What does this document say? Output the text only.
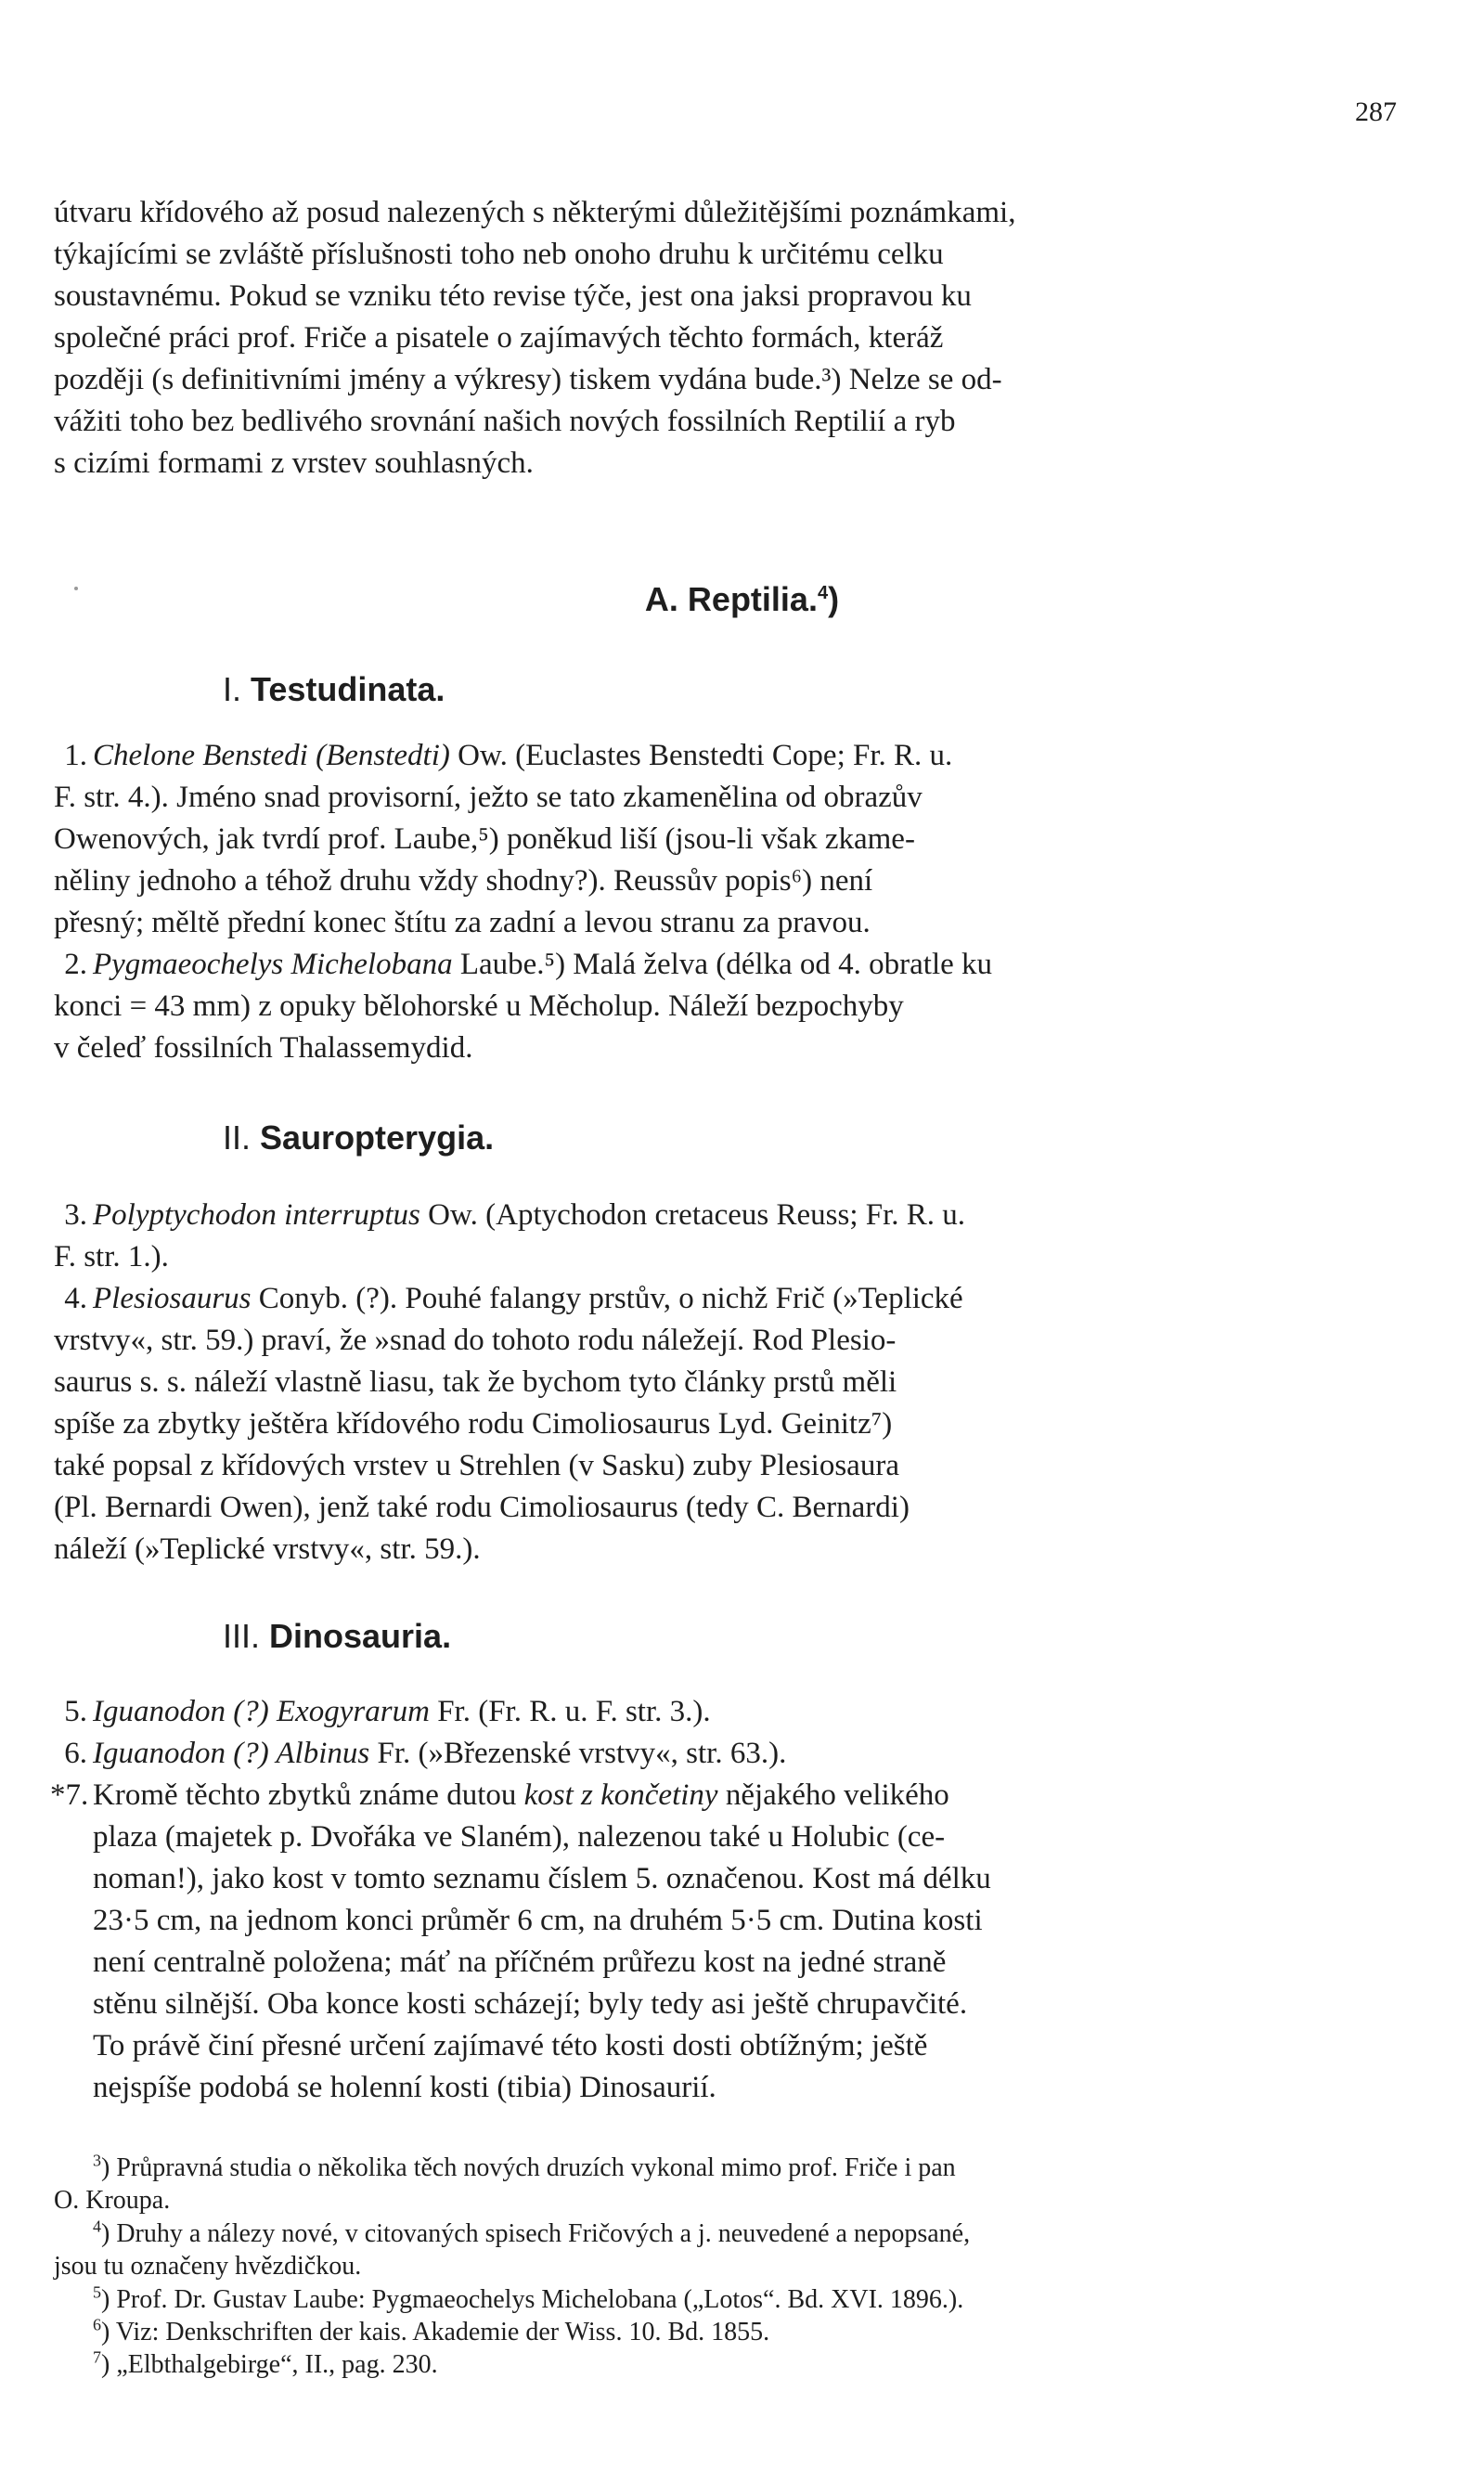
287
útvaru křídového až posud nalezených s některými důležitějšími poznámkami,
týkajícími se zvláště příslušnosti toho neb onoho druhu k určitému celku
soustavnému. Pokud se vzniku této revise týče, jest ona jaksi propravou ku
společné práci prof. Friče a pisatele o zajímavých těchto formách, kteráž
později (s definitivními jmény a výkresy) tiskem vydána bude.³) Nelze se od-
vážiti toho bez bedlivého srovnání našich nových fossilních Reptilií a ryb
s cizími formami z vrstev souhlasných.
A. Reptilia.$^4$)
I. Testudinata.
1. Chelone Benstedi (Benstedti) Ow. (Euclastes Benstedti Cope; Fr. R. u.
F. str. 4.). Jméno snad provisorní, ježto se tato zkamenělina od obrazův
Owenových, jak tvrdí prof. Laube,⁵) poněkud liší (jsou-li však zkame-
něliny jednoho a téhož druhu vždy shodny?). Reussův popis⁶) není
přesný; měltě přední konec štítu za zadní a levou stranu za pravou.
2. Pygmaeochelys Michelobana Laube.⁵) Malá želva (délka od 4. obratle ku
konci = 43 mm) z opuky bělohorské u Měcholup. Náleží bezpochyby
v čeleď fossilních Thalassemydid.
II. Sauropterygia.
3. Polyptychodon interruptus Ow. (Aptychodon cretaceus Reuss; Fr. R. u.
F. str. 1.).
4. Plesiosaurus Conyb. (?). Pouhé falangy prstův, o nichž Frič (»Teplické
vrstvy«, str. 59.) praví, že »snad do tohoto rodu náležejí. Rod Plesio-
saurus s. s. náleží vlastně liasu, tak že bychom tyto články prstů měli
spíše za zbytky ještěra křídového rodu Cimoliosaurus Lyd. Geinitz⁷)
také popsal z křídových vrstev u Strehlen (v Sasku) zuby Plesiosaura
(Pl. Bernardi Owen), jenž také rodu Cimoliosaurus (tedy C. Bernardi)
náleží (»Teplické vrstvy«, str. 59.).
III. Dinosauria.
5. Iguanodon (?) Exogyrarum Fr. (Fr. R. u. F. str. 3.).
6. Iguanodon (?) Albinus Fr. (»Březenské vrstvy«, str. 63.).
*7. Kromě těchto zbytků známe dutou kost z končetiny nějakého velikého
plaza (majetek p. Dvořáka ve Slaném), nalezenou také u Holubic (ce-
noman!), jako kost v tomto seznamu číslem 5. označenou. Kost má délku
23·5 cm, na jednom konci průměr 6 cm, na druhém 5·5 cm. Dutina kosti
není centralně položena; máť na příčném průřezu kost na jedné straně
stěnu silnější. Oba konce kosti scházejí; byly tedy asi ještě chrupavčité.
To právě činí přesné určení zajímavé této kosti dosti obtížným; ještě
nejspíše podobá se holenní kosti (tibia) Dinosaurií.
$^3$) Průpravná studia o několika těch nových druzích vykonal mimo prof. Friče i pan
O. Kroupa.
$^4$) Druhy a nálezy nové, v citovaných spisech Fričových a j. neuvedené a nepopsané,
jsou tu označeny hvězdičkou.
$^5$) Prof. Dr. Gustav Laube: Pygmaeochelys Michelobana („Lotos“. Bd. XVI. 1896.).
$^6$) Viz: Denkschriften der kais. Akademie der Wiss. 10. Bd. 1855.
$^7$) „Elbthalgebirge“, II., pag. 230.
